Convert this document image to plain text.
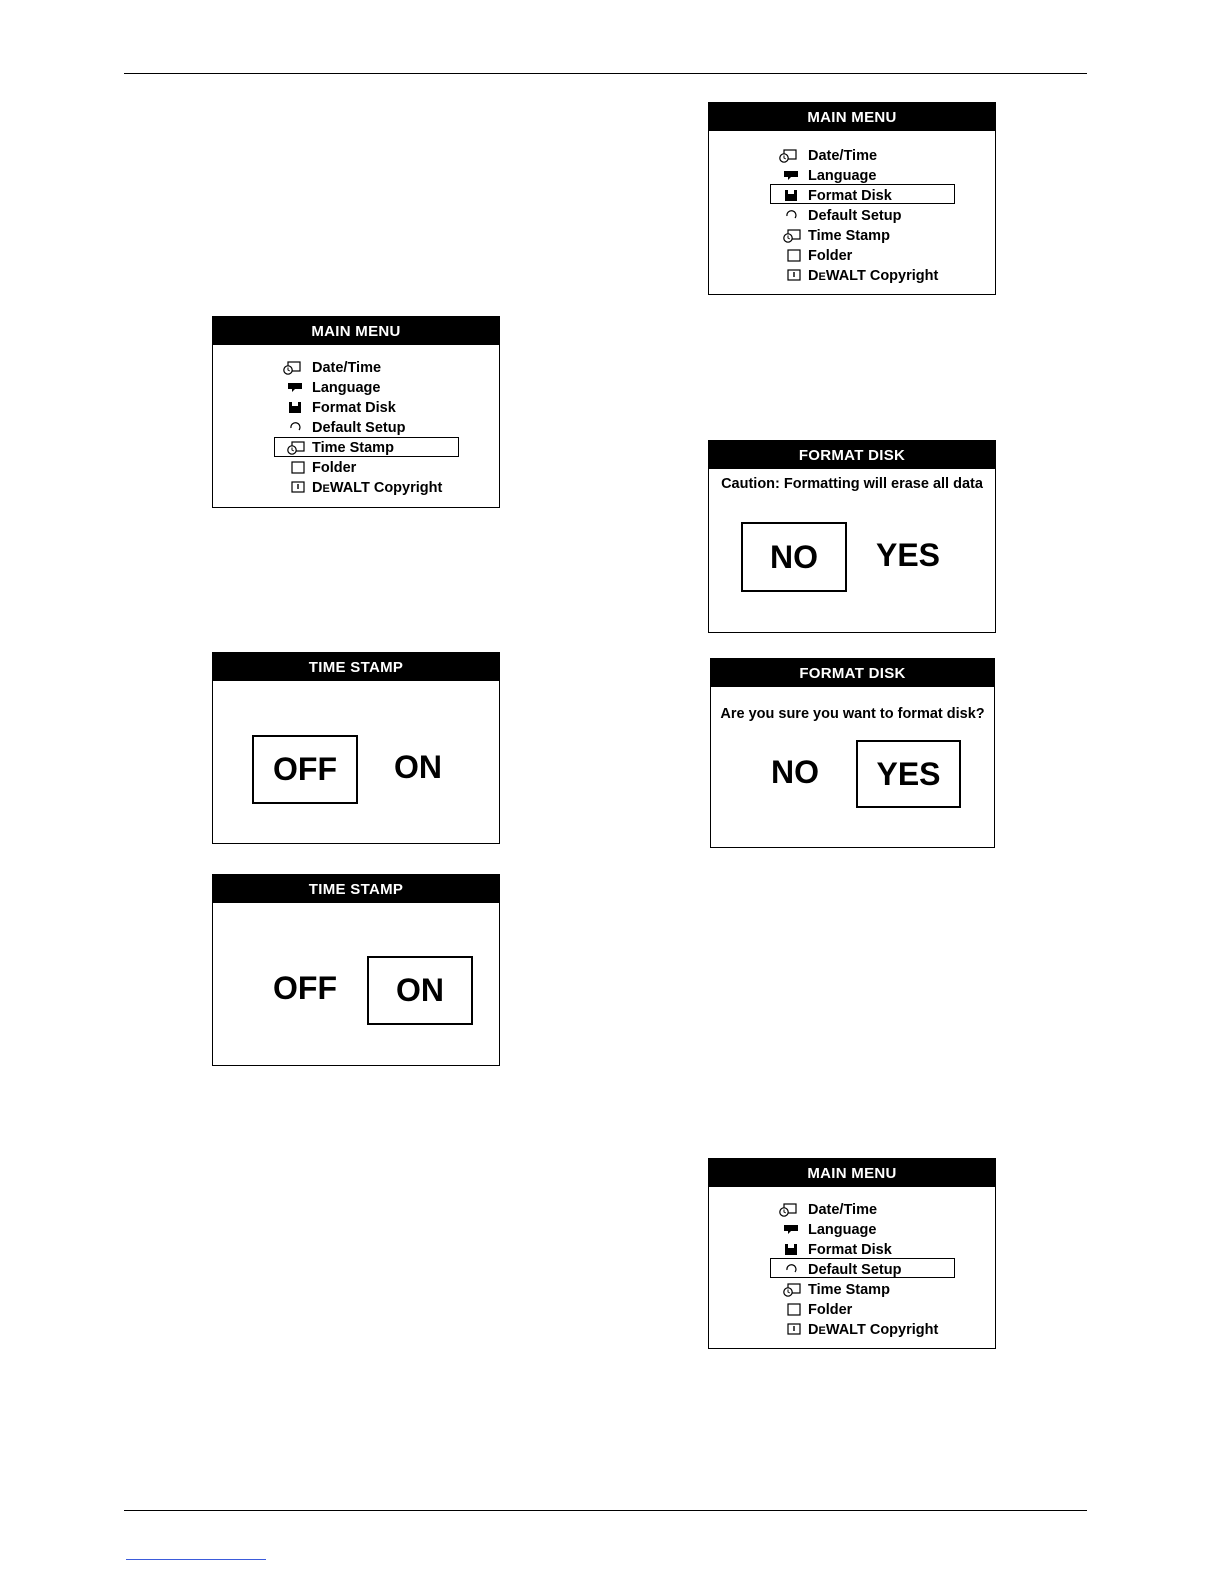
MAIN MENU
Date/Time
Language
Format Disk
Default Setup
Time Stamp
Folder
DEWALT Copyright
MAIN MENU
Date/Time
Language
Format Disk
Default Setup
Time Stamp
Folder
DEWALT Copyright
FORMAT DISK
Caution: Formatting will erase all data
NO	YES
TIME STAMP
OFF	ON
FORMAT DISK
Are you sure you want to format disk?
NO	YES
TIME STAMP
OFF	ON
MAIN MENU
Date/Time
Language
Format Disk
Default Setup
Time Stamp
Folder
DEWALT Copyright
